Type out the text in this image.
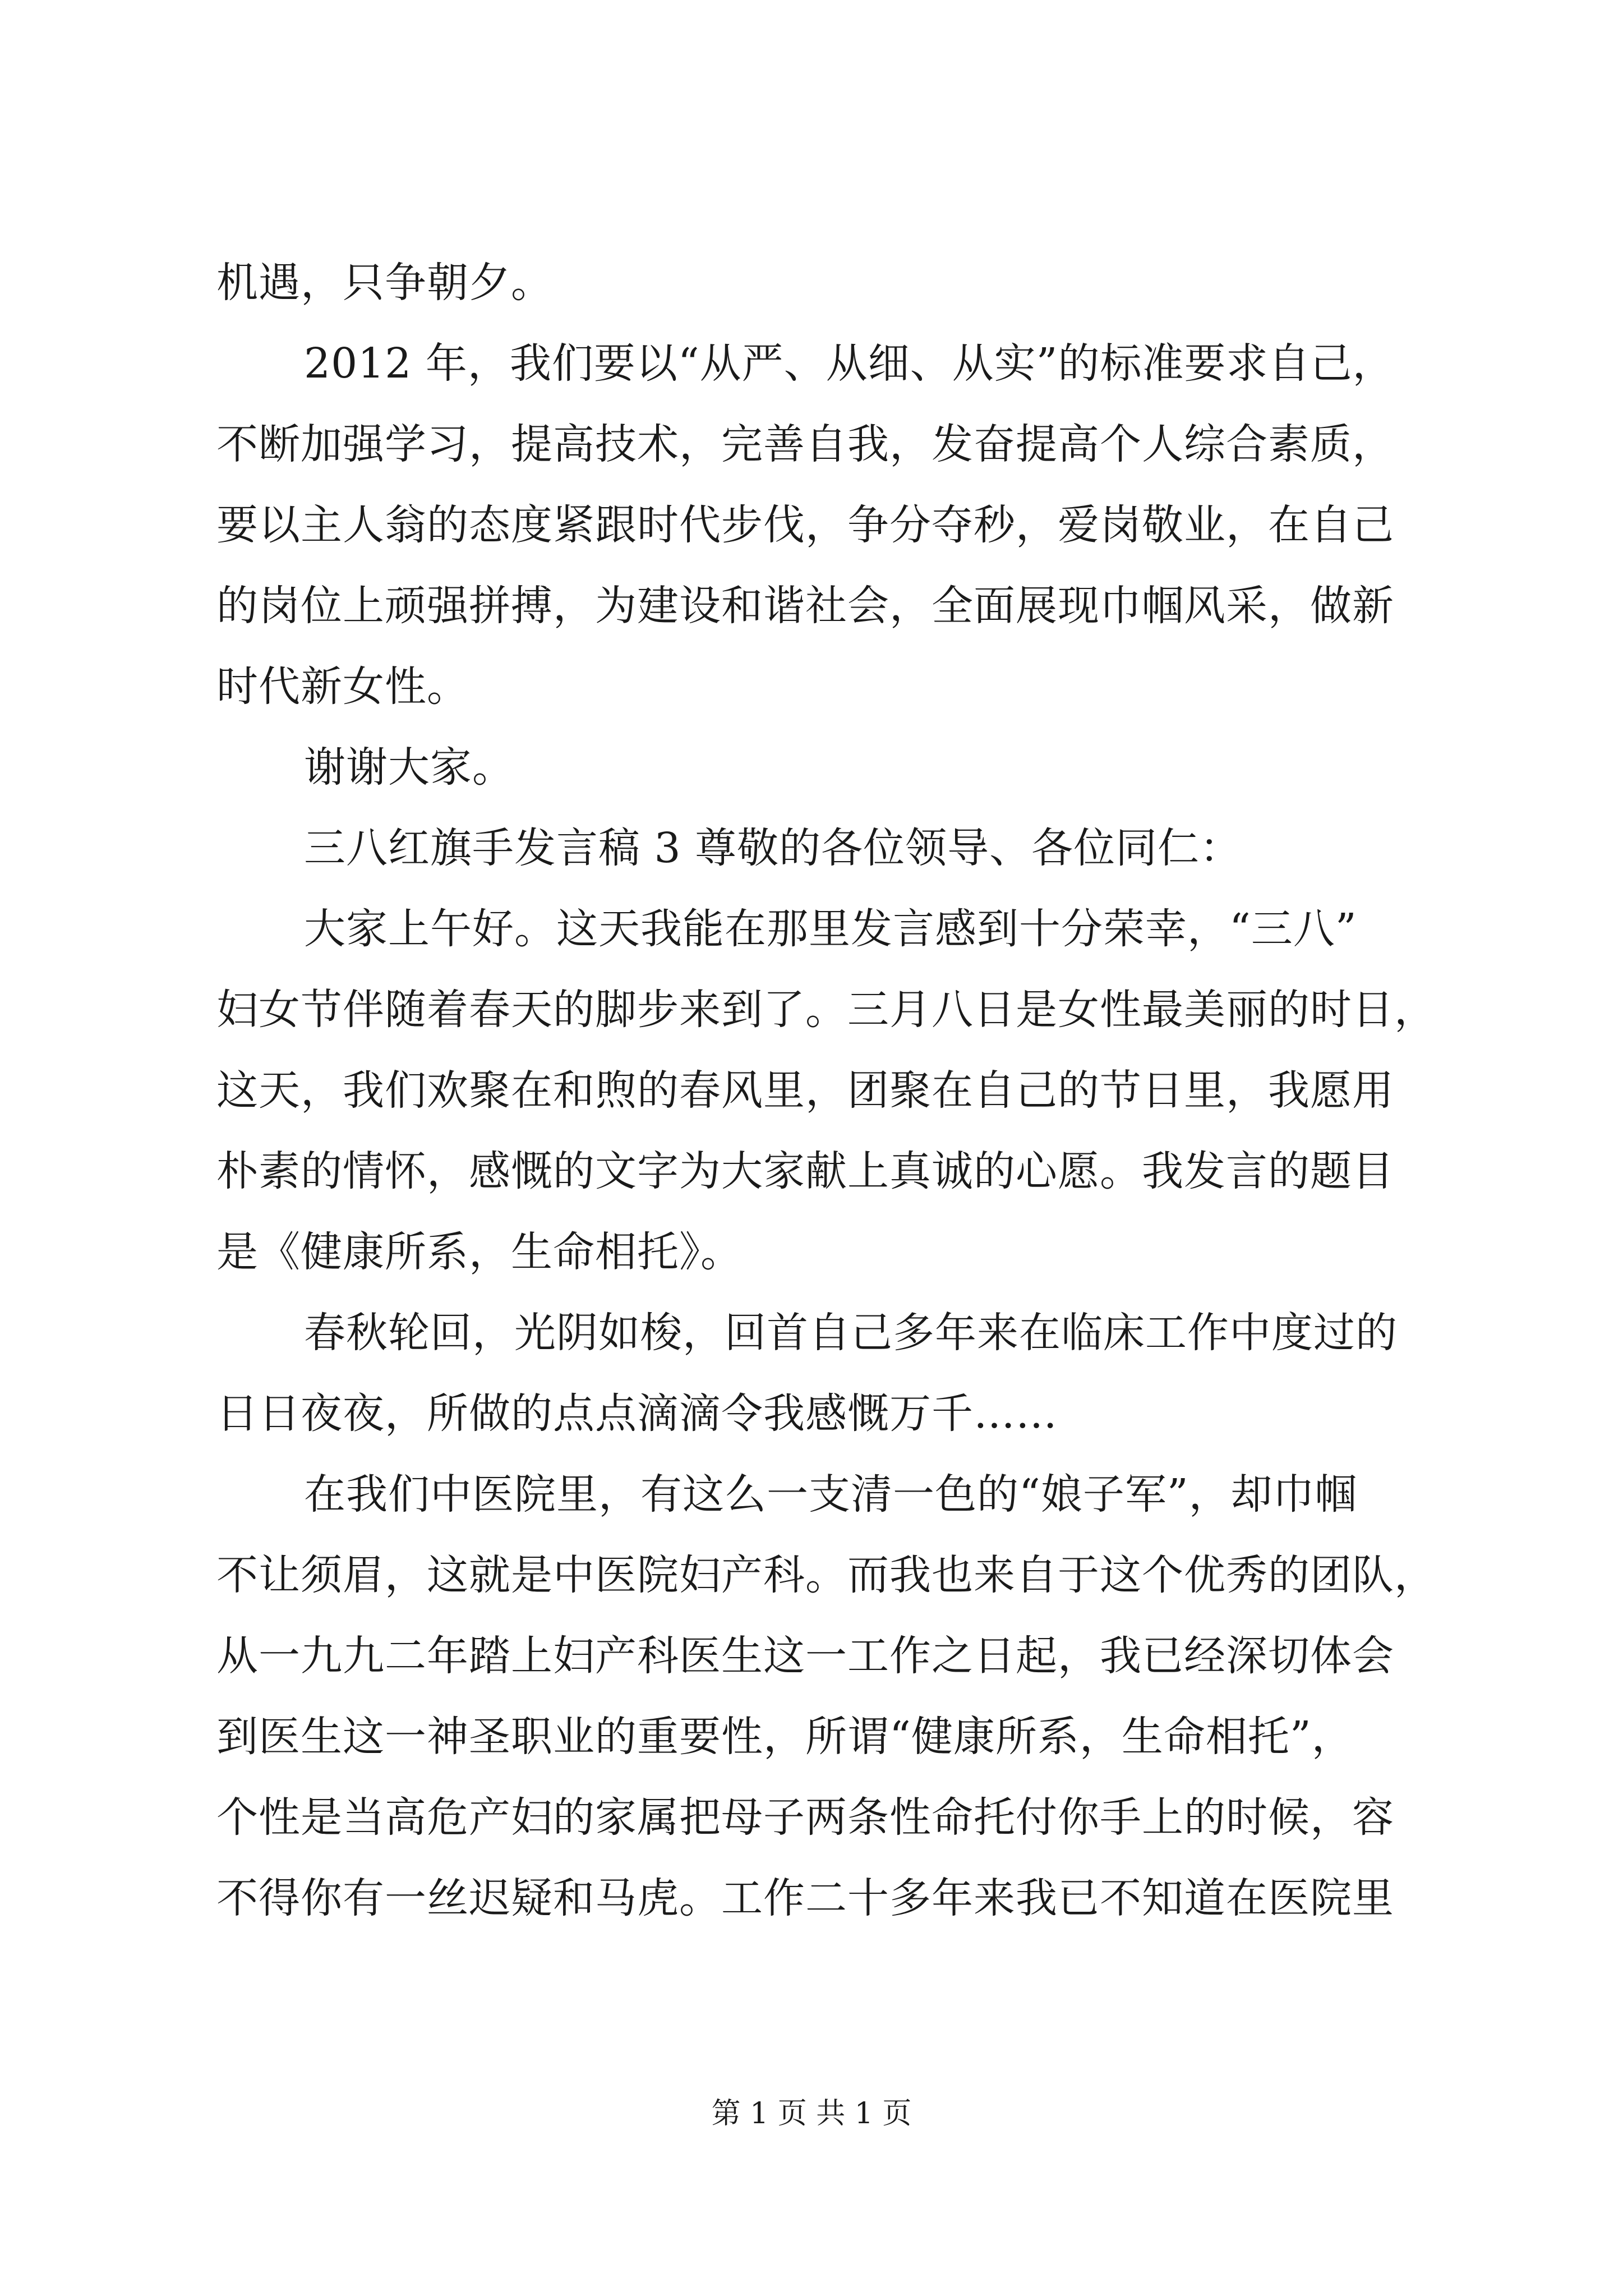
机遇，只争朝夕。

2012 年，我们要以“从严、从细、从实”的标准要求自己，

不断加强学习，提高技术，完善自我，发奋提高个人综合素质，

要以主人翁的态度紧跟时代步伐，争分夺秒，爱岗敬业，在自己

的岗位上顽强拼搏，为建设和谐社会，全面展现巾帼风采，做新

时代新女性。

谢谢大家。

三八红旗手发言稿 3 尊敬的各位领导、各位同仁：

大家上午好。这天我能在那里发言感到十分荣幸，“三八”

妇女节伴随着春天的脚步来到了。三月八日是女性最美丽的时日，

这天，我们欢聚在和煦的春风里，团聚在自己的节日里，我愿用

朴素的情怀，感慨的文字为大家献上真诚的心愿。我发言的题目

是《健康所系，生命相托》。

春秋轮回，光阴如梭，回首自己多年来在临床工作中度过的

日日夜夜，所做的点点滴滴令我感慨万千……

在我们中医院里，有这么一支清一色的“娘子军”，却巾帼

不让须眉，这就是中医院妇产科。而我也来自于这个优秀的团队，

从一九九二年踏上妇产科医生这一工作之日起，我已经深切体会

到医生这一神圣职业的重要性，所谓“健康所系，生命相托”，

个性是当高危产妇的家属把母子两条性命托付你手上的时候，容

不得你有一丝迟疑和马虎。工作二十多年来我已不知道在医院里

第 1 页 共 1 页
